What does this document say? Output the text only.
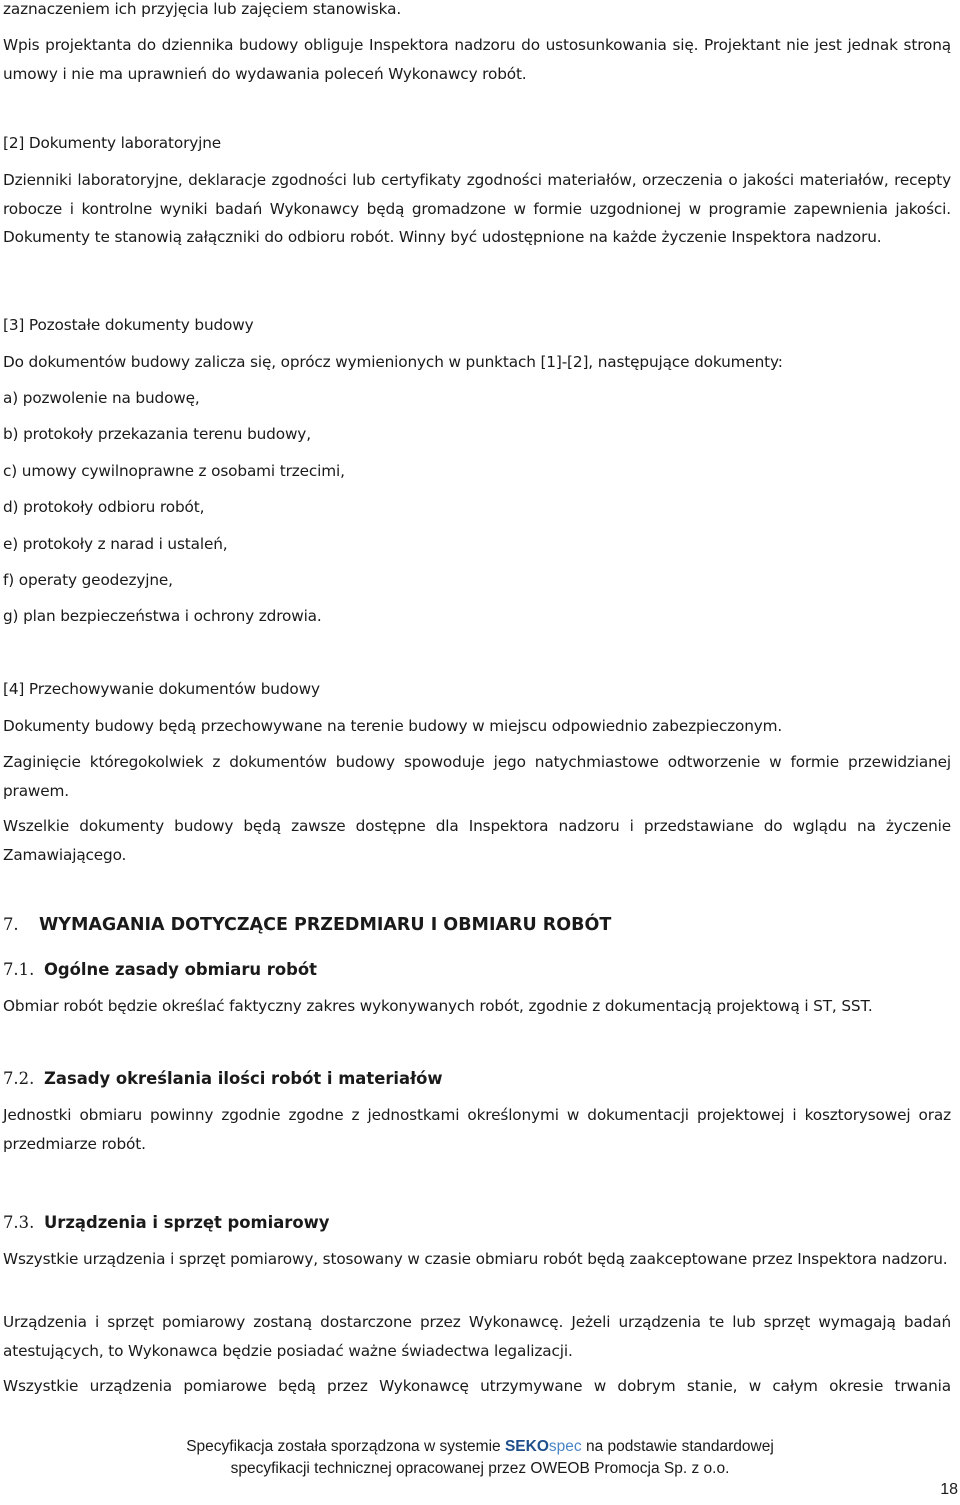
zaznaczeniem ich przyjęcia lub zajęciem stanowiska.

Wpis projektanta do dziennika budowy obliguje Inspektora nadzoru do ustosunkowania się. Projektant nie jest jednak stroną umowy i nie ma uprawnień do wydawania poleceń Wykonawcy robót.

[2] Dokumenty laboratoryjne

Dzienniki laboratoryjne, deklaracje zgodności lub certyfikaty zgodności materiałów, orzeczenia o jakości materiałów, recepty robocze i kontrolne wyniki badań Wykonawcy będą gromadzone w formie uzgodnionej w programie zapewnienia jakości. Dokumenty te stanowią załączniki do odbioru robót. Winny być udostępnione na każde życzenie Inspektora nadzoru.

[3] Pozostałe dokumenty budowy

Do dokumentów budowy zalicza się, oprócz wymienionych w punktach [1]-[2], następujące dokumenty:

a) pozwolenie na budowę,

b) protokoły przekazania terenu budowy,

c) umowy cywilnoprawne z osobami trzecimi,

d) protokoły odbioru robót,

e) protokoły z narad i ustaleń,

f) operaty geodezyjne,

g) plan bezpieczeństwa i ochrony zdrowia.

[4] Przechowywanie dokumentów budowy

Dokumenty budowy będą przechowywane na terenie budowy w miejscu odpowiednio zabezpieczonym.

Zaginięcie któregokolwiek z dokumentów budowy spowoduje jego natychmiastowe odtworzenie w formie przewidzianej prawem.

Wszelkie dokumenty budowy będą zawsze dostępne dla Inspektora nadzoru i przedstawiane do wglądu na życzenie Zamawiającego.

7. WYMAGANIA DOTYCZĄCE PRZEDMIARU I OBMIARU ROBÓT
7.1. Ogólne zasady obmiaru robót

Obmiar robót będzie określać faktyczny zakres wykonywanych robót, zgodnie z dokumentacją projektową i ST, SST.

7.2. Zasady określania ilości robót i materiałów

Jednostki obmiaru powinny zgodnie zgodne z jednostkami określonymi w dokumentacji projektowej i kosztorysowej oraz przedmiarze robót.

7.3. Urządzenia i sprzęt pomiarowy

Wszystkie urządzenia i sprzęt pomiarowy, stosowany w czasie obmiaru robót będą zaakceptowane przez Inspektora nadzoru.

Urządzenia i sprzęt pomiarowy zostaną dostarczone przez Wykonawcę. Jeżeli urządzenia te lub sprzęt wymagają badań atestujących, to Wykonawca będzie posiadać ważne świadectwa legalizacji.

Wszystkie urządzenia pomiarowe będą przez Wykonawcę utrzymywane w dobrym stanie, w całym okresie trwania

Specyfikacja została sporządzona w systemie SEKOspec na podstawie standardowej
specyfikacji technicznej opracowanej przez OWEOB Promocja Sp. z o.o.
18
